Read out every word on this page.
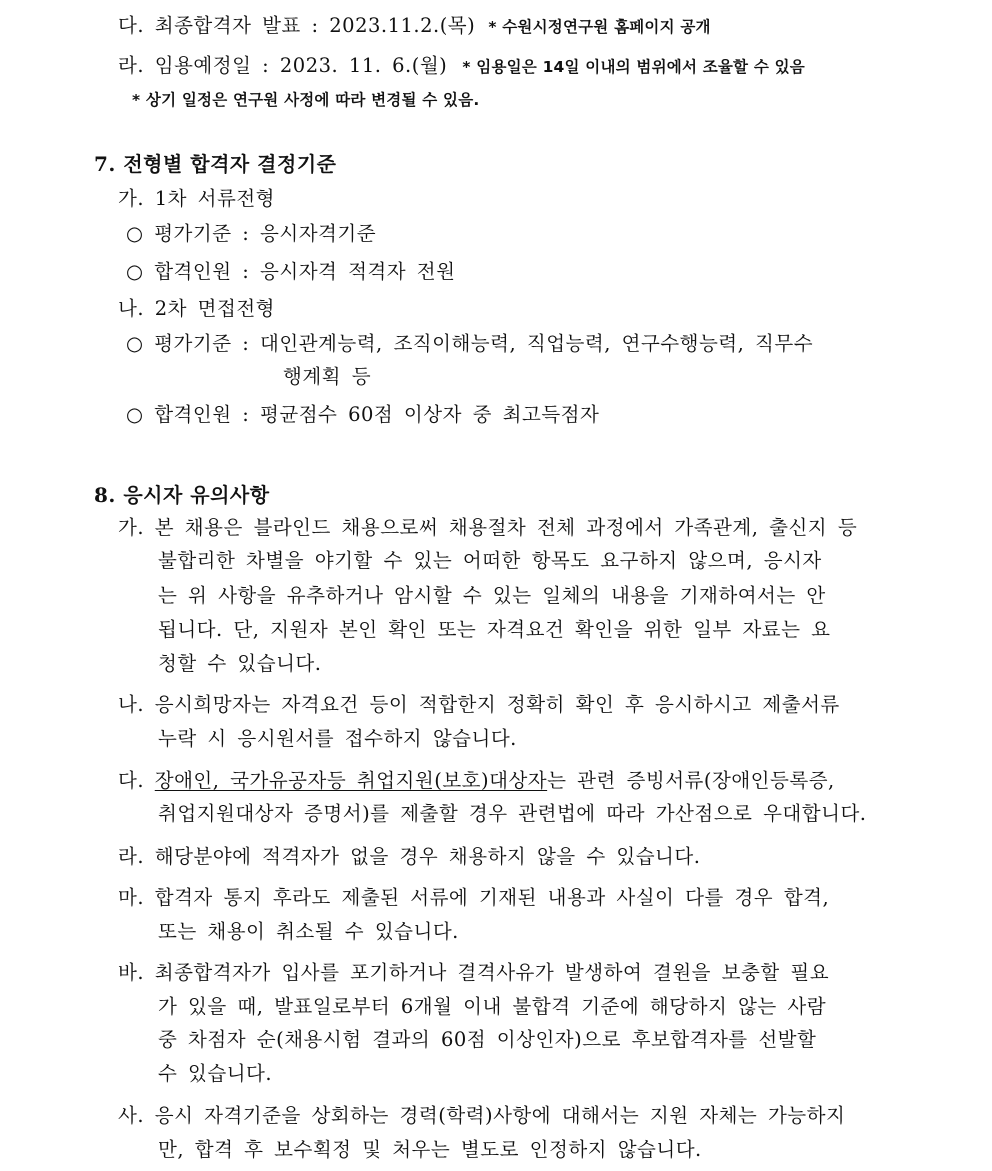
다. 최종합격자 발표 : 2023.11.2.(목) * 수원시정연구원 홈페이지 공개
라. 임용예정일 : 2023. 11. 6.(월) * 임용일은 14일 이내의 범위에서 조율할 수 있음
* 상기 일정은 연구원 사정에 따라 변경될 수 있음.
7. 전형별 합격자 결정기준
가. 1차 서류전형
○ 평가기준 : 응시자격기준
○ 합격인원 : 응시자격 적격자 전원
나. 2차 면접전형
○ 평가기준 : 대인관계능력, 조직이해능력, 직업능력, 연구수행능력, 직무수
행계획 등
○ 합격인원 : 평균점수 60점 이상자 중 최고득점자
8. 응시자 유의사항
가. 본 채용은 블라인드 채용으로써 채용절차 전체 과정에서 가족관계, 출신지 등
불합리한 차별을 야기할 수 있는 어떠한 항목도 요구하지 않으며, 응시자
는 위 사항을 유추하거나 암시할 수 있는 일체의 내용을 기재하여서는 안
됩니다. 단, 지원자 본인 확인 또는 자격요건 확인을 위한 일부 자료는 요
청할 수 있습니다.
나. 응시희망자는 자격요건 등이 적합한지 정확히 확인 후 응시하시고 제출서류
누락 시 응시원서를 접수하지 않습니다.
다. 장애인, 국가유공자등 취업지원(보호)대상자는 관련 증빙서류(장애인등록증,
취업지원대상자 증명서)를 제출할 경우 관련법에 따라 가산점으로 우대합니다.
라. 해당분야에 적격자가 없을 경우 채용하지 않을 수 있습니다.
마. 합격자 통지 후라도 제출된 서류에 기재된 내용과 사실이 다를 경우 합격,
또는 채용이 취소될 수 있습니다.
바. 최종합격자가 입사를 포기하거나 결격사유가 발생하여 결원을 보충할 필요
가 있을 때, 발표일로부터 6개월 이내 불합격 기준에 해당하지 않는 사람
중 차점자 순(채용시험 결과의 60점 이상인자)으로 후보합격자를 선발할
수 있습니다.
사. 응시 자격기준을 상회하는 경력(학력)사항에 대해서는 지원 자체는 가능하지
만, 합격 후 보수획정 및 처우는 별도로 인정하지 않습니다.
